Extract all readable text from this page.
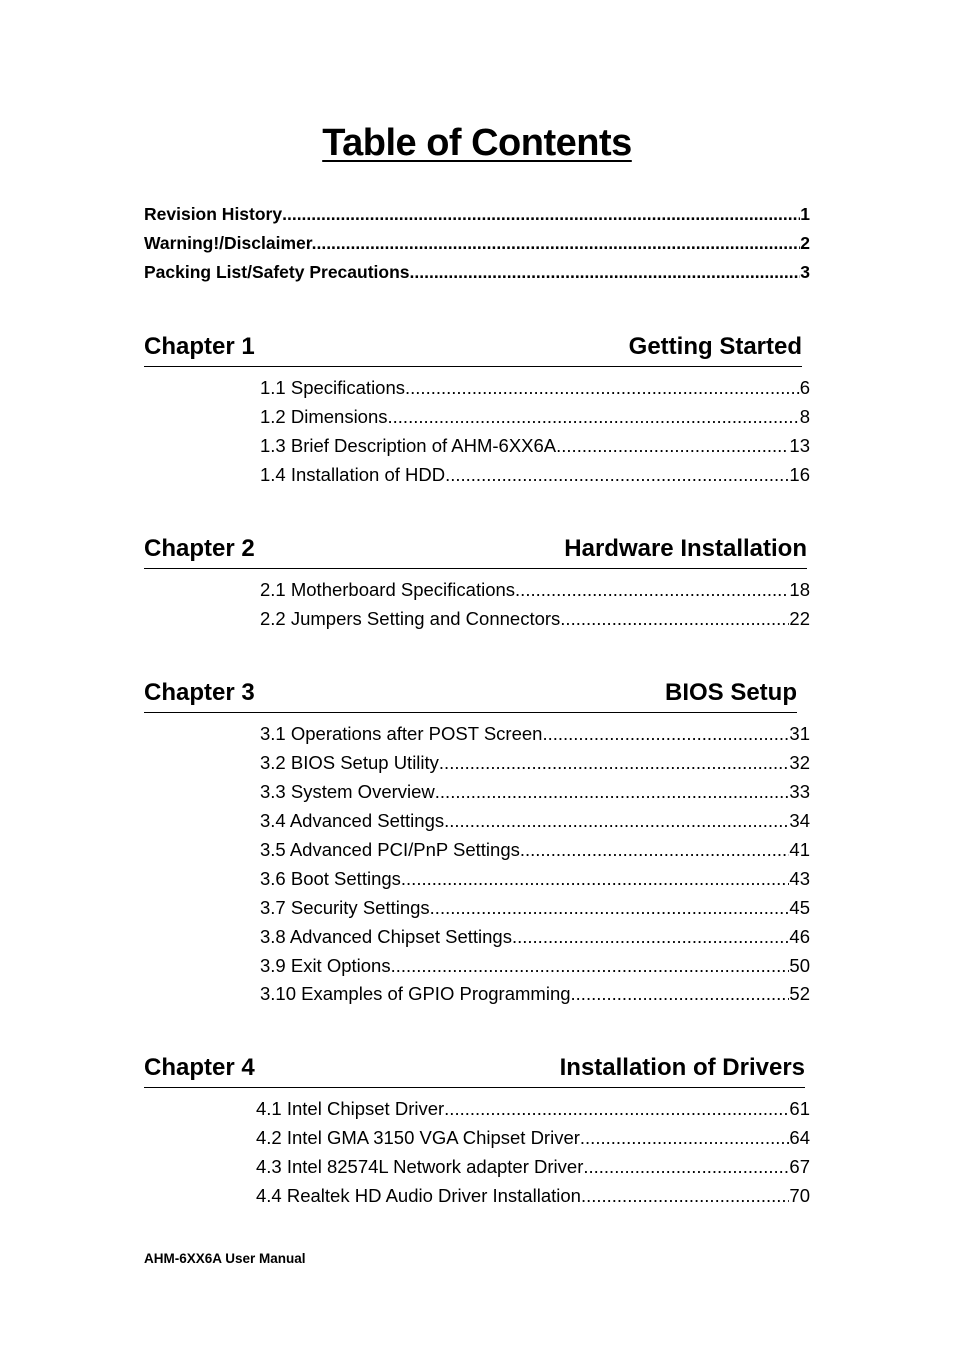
Table of Contents
Revision History .....	1
Warning!/Disclaimer. .....	2
Packing List/Safety Precautions. .....	3
Chapter 1	Getting Started
1.1 Specifications .....	6
1.2 Dimensions .....	8
1.3 Brief Description of AHM-6XX6A .....	13
1.4 Installation of HDD .....	16
Chapter 2	Hardware Installation
2.1 Motherboard Specifications .....	18
2.2 Jumpers Setting and Connectors .....	22
Chapter 3	BIOS Setup
3.1 Operations after POST Screen .....	31
3.2 BIOS Setup Utility .....	32
3.3 System Overview .....	33
3.4 Advanced Settings .....	34
3.5 Advanced PCI/PnP Settings .....	41
3.6 Boot Settings .....	43
3.7 Security Settings .....	45
3.8 Advanced Chipset Settings .....	46
3.9 Exit Options .....	50
3.10 Examples of GPIO Programming .....	52
Chapter 4	Installation of Drivers
4.1 Intel Chipset Driver .....	61
4.2 Intel GMA 3150 VGA Chipset Driver .....	64
4.3 Intel 82574L Network adapter Driver .....	67
4.4 Realtek HD Audio Driver Installation .....	70
AHM-6XX6A User Manual
